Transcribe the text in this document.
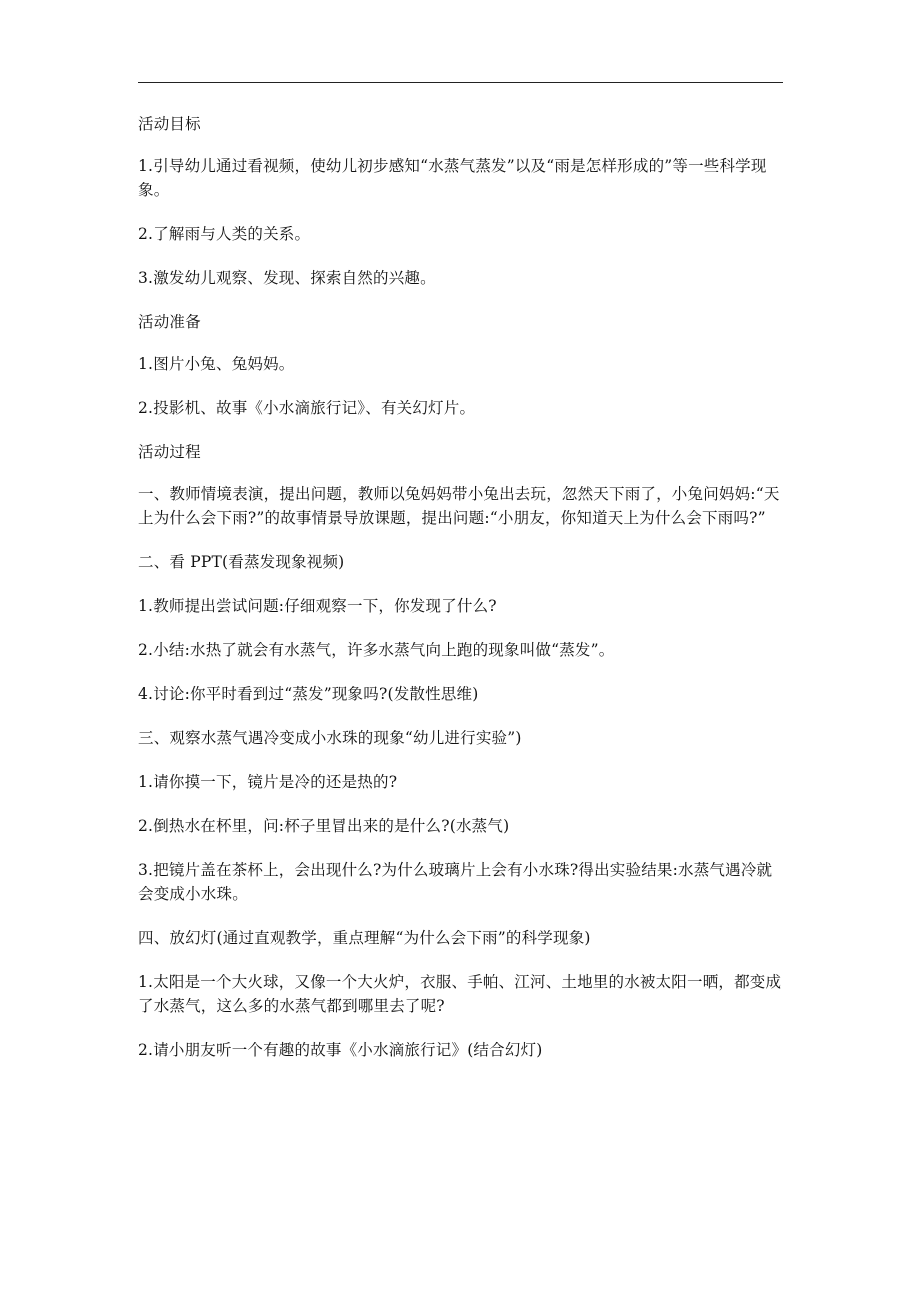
活动目标

1.引导幼儿通过看视频，使幼儿初步感知“水蒸气蒸发”以及“雨是怎样形成的”等一些科学现象。

2.了解雨与人类的关系。

3.激发幼儿观察、发现、探索自然的兴趣。

活动准备

1.图片小兔、兔妈妈。

2.投影机、故事《小水滴旅行记》、有关幻灯片。

活动过程

一、教师情境表演，提出问题，教师以兔妈妈带小兔出去玩，忽然天下雨了，小兔问妈妈:“天上为什么会下雨?”的故事情景导放课题，提出问题:“小朋友，你知道天上为什么会下雨吗?”

二、看 PPT(看蒸发现象视频)

1.教师提出尝试问题:仔细观察一下，你发现了什么?

2.小结:水热了就会有水蒸气，许多水蒸气向上跑的现象叫做“蒸发”。

4.讨论:你平时看到过“蒸发”现象吗?(发散性思维)

三、观察水蒸气遇冷变成小水珠的现象“幼儿进行实验”)

1.请你摸一下，镜片是冷的还是热的?

2.倒热水在杯里，问:杯子里冒出来的是什么?(水蒸气)

3.把镜片盖在茶杯上，会出现什么?为什么玻璃片上会有小水珠?得出实验结果:水蒸气遇冷就会变成小水珠。

四、放幻灯(通过直观教学，重点理解“为什么会下雨”的科学现象)

1.太阳是一个大火球，又像一个大火炉，衣服、手帕、江河、土地里的水被太阳一晒，都变成了水蒸气，这么多的水蒸气都到哪里去了呢?

2.请小朋友听一个有趣的故事《小水滴旅行记》(结合幻灯)
